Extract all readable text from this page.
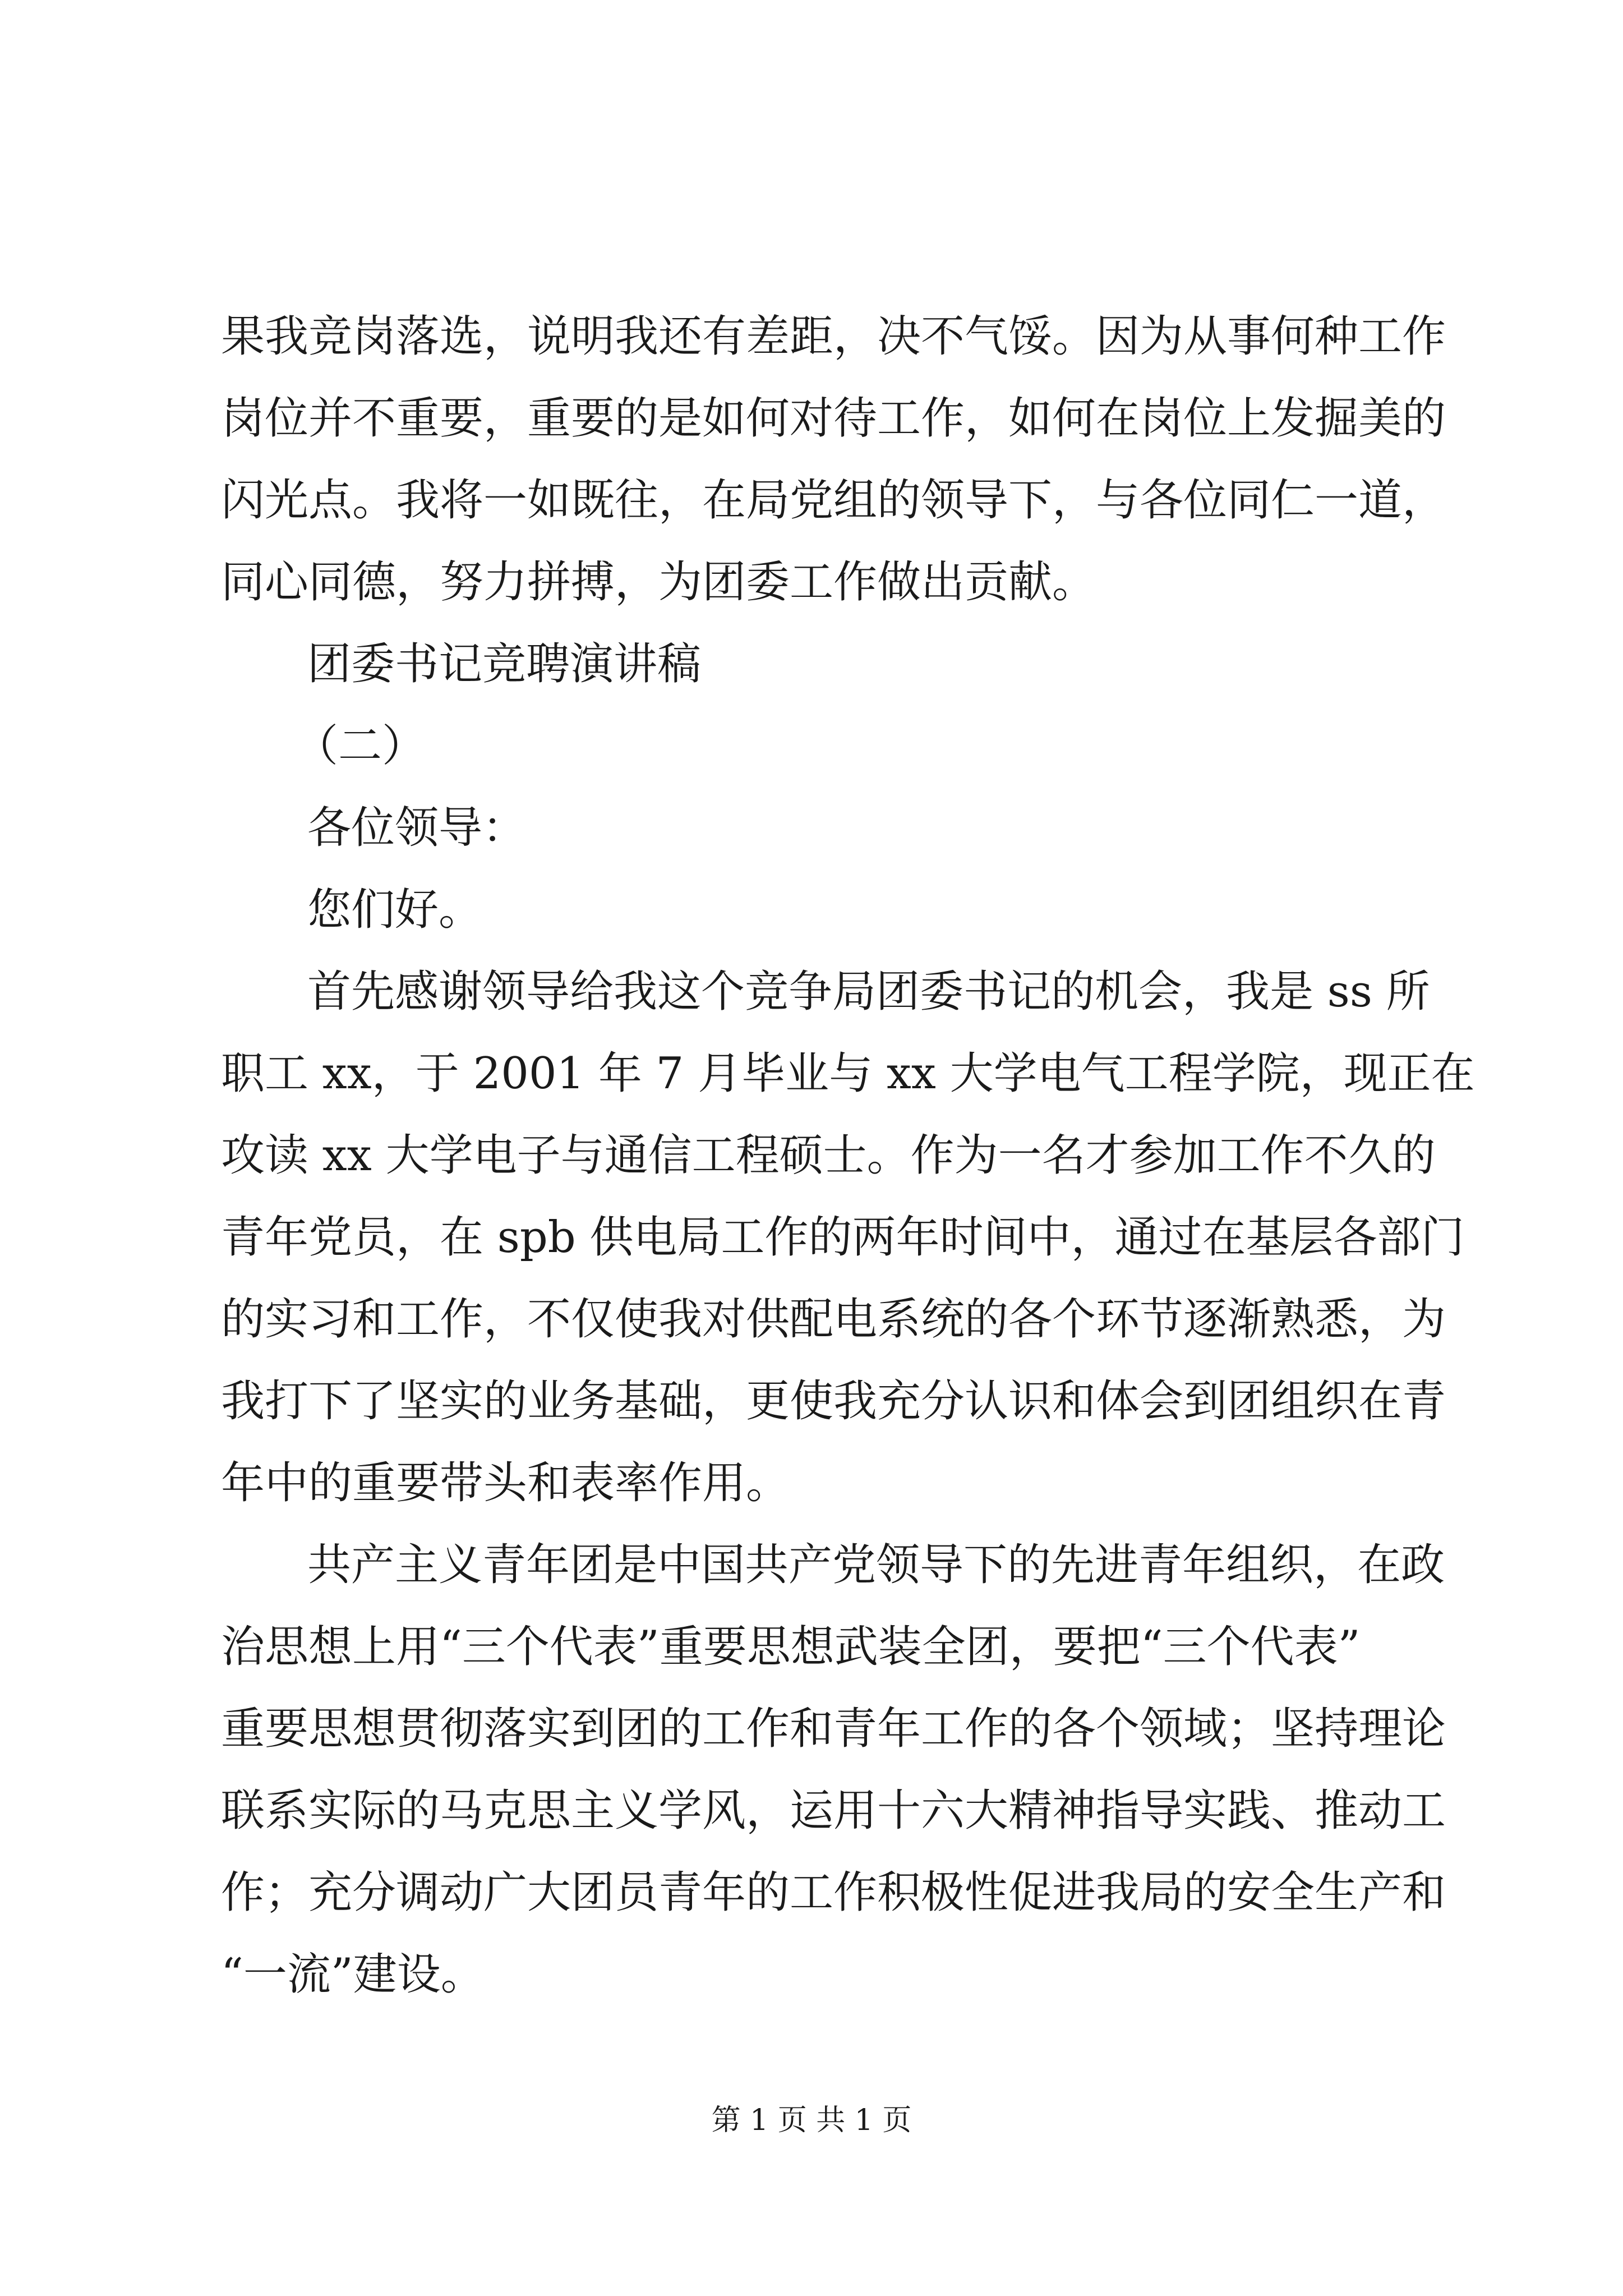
果我竞岗落选，说明我还有差距，决不气馁。因为从事何种工作
岗位并不重要，重要的是如何对待工作，如何在岗位上发掘美的
闪光点。我将一如既往，在局党组的领导下，与各位同仁一道，
同心同德，努力拼搏，为团委工作做出贡献。
团委书记竞聘演讲稿
（二）
各位领导：
您们好。
首先感谢领导给我这个竞争局团委书记的机会，我是 ss 所
职工 xx，于 2001 年 7 月毕业与 xx 大学电气工程学院，现正在
攻读 xx 大学电子与通信工程硕士。作为一名才参加工作不久的
青年党员，在 spb 供电局工作的两年时间中，通过在基层各部门
的实习和工作，不仅使我对供配电系统的各个环节逐渐熟悉，为
我打下了坚实的业务基础，更使我充分认识和体会到团组织在青
年中的重要带头和表率作用。
共产主义青年团是中国共产党领导下的先进青年组织，在政
治思想上用“三个代表”重要思想武装全团，要把“三个代表”
重要思想贯彻落实到团的工作和青年工作的各个领域；坚持理论
联系实际的马克思主义学风，运用十六大精神指导实践、推动工
作；充分调动广大团员青年的工作积极性促进我局的安全生产和
“一流”建设。
第 1 页 共 1 页
